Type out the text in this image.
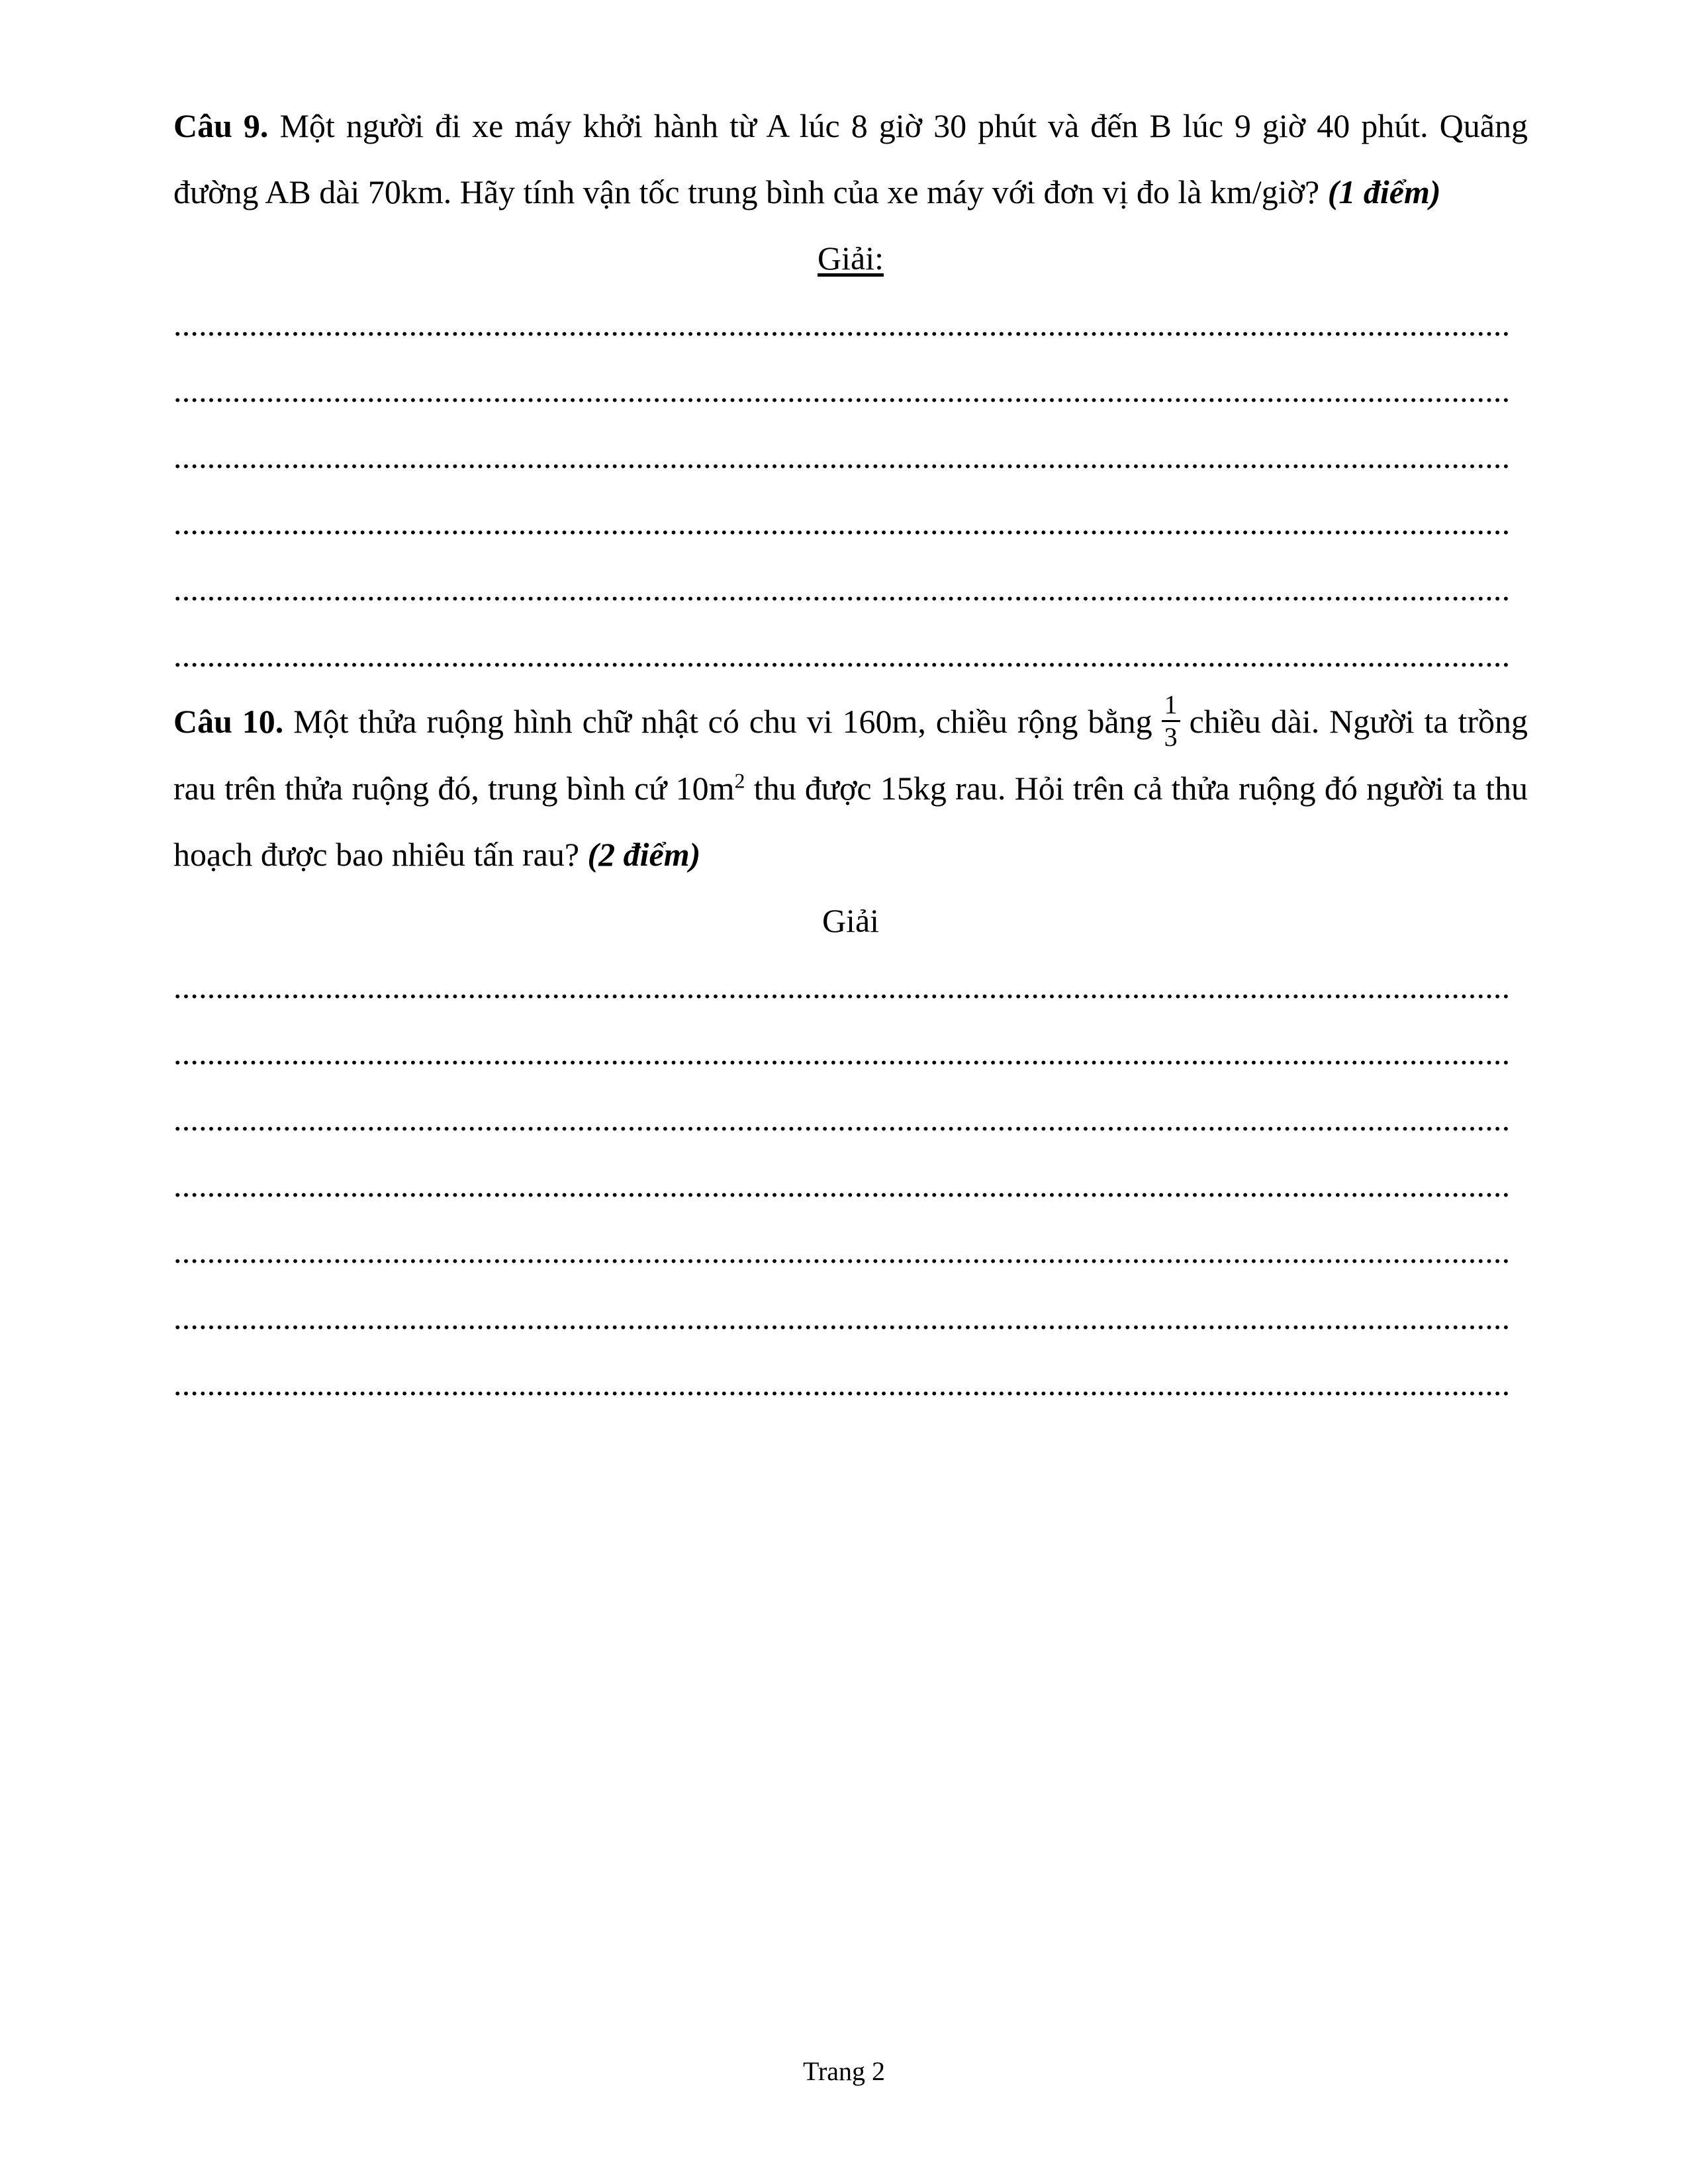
Câu 9. Một người đi xe máy khởi hành từ A lúc 8 giờ 30 phút và đến B lúc 9 giờ 40 phút. Quãng đường AB dài 70km. Hãy tính vận tốc trung bình của xe máy với đơn vị đo là km/giờ? (1 điểm)

Giải:

...............................................................................................................................................................
...............................................................................................................................................................
...............................................................................................................................................................
...............................................................................................................................................................
...............................................................................................................................................................
...............................................................................................................................................................

Câu 10. Một thửa ruộng hình chữ nhật có chu vi 160m, chiều rộng bằng $\frac{1}{3}$ chiều dài. Người ta trồng rau trên thửa ruộng đó, trung bình cứ $10m^2$ thu được 15kg rau. Hỏi trên cả thửa ruộng đó người ta thu hoạch được bao nhiêu tấn rau? (2 điểm)

Giải

...............................................................................................................................................................
...............................................................................................................................................................
...............................................................................................................................................................
...............................................................................................................................................................
...............................................................................................................................................................
...............................................................................................................................................................
...............................................................................................................................................................
Trang 2
